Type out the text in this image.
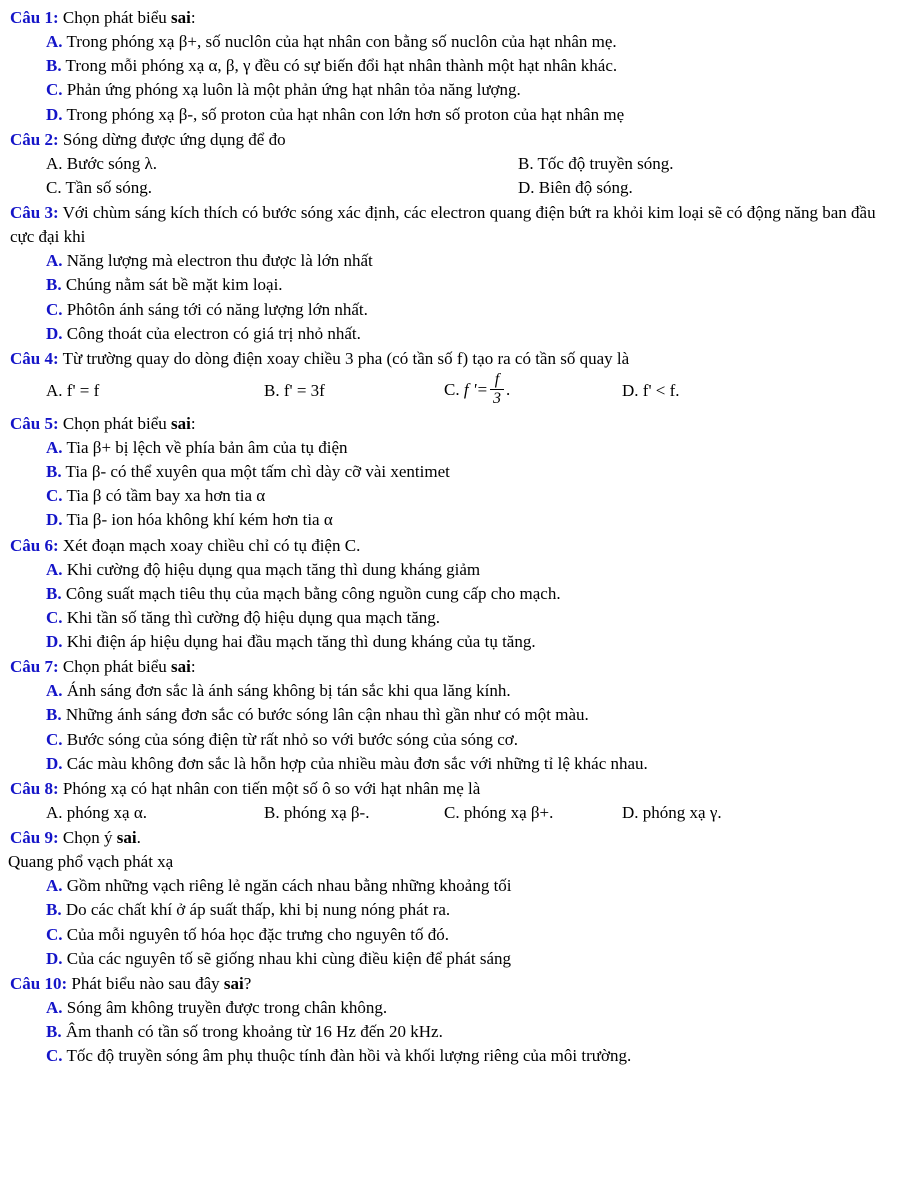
Câu 1: Chọn phát biểu sai:
A. Trong phóng xạ β+, số nuclôn của hạt nhân con bằng số nuclôn của hạt nhân mẹ.
B. Trong mỗi phóng xạ α, β, γ đều có sự biến đổi hạt nhân thành một hạt nhân khác.
C. Phản ứng phóng xạ luôn là một phản ứng hạt nhân tỏa năng lượng.
D. Trong phóng xạ β-, số proton của hạt nhân con lớn hơn số proton của hạt nhân mẹ
Câu 2: Sóng dừng được ứng dụng để đo
A. Bước sóng λ.	B. Tốc độ truyền sóng.
C. Tần số sóng.	D. Biên độ sóng.
Câu 3: Với chùm sáng kích thích có bước sóng xác định, các electron quang điện bứt ra khỏi kim loại sẽ có động năng ban đầu cực đại khi
A. Năng lượng mà electron thu được là lớn nhất
B. Chúng nằm sát bề mặt kim loại.
C. Phôtôn ánh sáng tới có năng lượng lớn nhất.
D. Công thoát của electron có giá trị nhỏ nhất.
Câu 4: Từ trường quay do dòng điện xoay chiều 3 pha (có tần số f) tạo ra có tần số quay là
A. f' = f	B. f' = 3f	C. f '= $\frac{f}{3}$ .	D. f' < f.
Câu 5: Chọn phát biểu sai:
A. Tia β+ bị lệch về phía bản âm của tụ điện
B. Tia β- có thể xuyên qua một tấm chì dày cỡ vài xentimet
C. Tia β có tầm bay xa hơn tia α
D. Tia β- ion hóa không khí kém hơn tia α
Câu 6: Xét đoạn mạch xoay chiều chỉ có tụ điện C.
A. Khi cường độ hiệu dụng qua mạch tăng thì dung kháng giảm
B. Công suất mạch tiêu thụ của mạch bằng công nguồn cung cấp cho mạch.
C. Khi tần số tăng thì cường độ hiệu dụng qua mạch tăng.
D. Khi điện áp hiệu dụng hai đầu mạch tăng thì dung kháng của tụ tăng.
Câu 7: Chọn phát biểu sai:
A. Ánh sáng đơn sắc là ánh sáng không bị tán sắc khi qua lăng kính.
B. Những ánh sáng đơn sắc có bước sóng lân cận nhau thì gần như có một màu.
C. Bước sóng của sóng điện từ rất nhỏ so với bước sóng của sóng cơ.
D. Các màu không đơn sắc là hỗn hợp của nhiều màu đơn sắc với những tỉ lệ khác nhau.
Câu 8: Phóng xạ có hạt nhân con tiến một số ô so với hạt nhân mẹ là
A. phóng xạ α.	B. phóng xạ β-.	C. phóng xạ β+.	D. phóng xạ γ.
Câu 9: Chọn ý sai.
Quang phổ vạch phát xạ
A. Gồm những vạch riêng lẻ ngăn cách nhau bằng những khoảng tối
B. Do các chất khí ở áp suất thấp, khi bị nung nóng phát ra.
C. Của mỗi nguyên tố hóa học đặc trưng cho nguyên tố đó.
D. Của các nguyên tố sẽ giống nhau khi cùng điều kiện để phát sáng
Câu 10: Phát biểu nào sau đây sai?
A. Sóng âm không truyền được trong chân không.
B. Âm thanh có tần số trong khoảng từ 16 Hz đến 20 kHz.
C. Tốc độ truyền sóng âm phụ thuộc tính đàn hồi và khối lượng riêng của môi trường.
